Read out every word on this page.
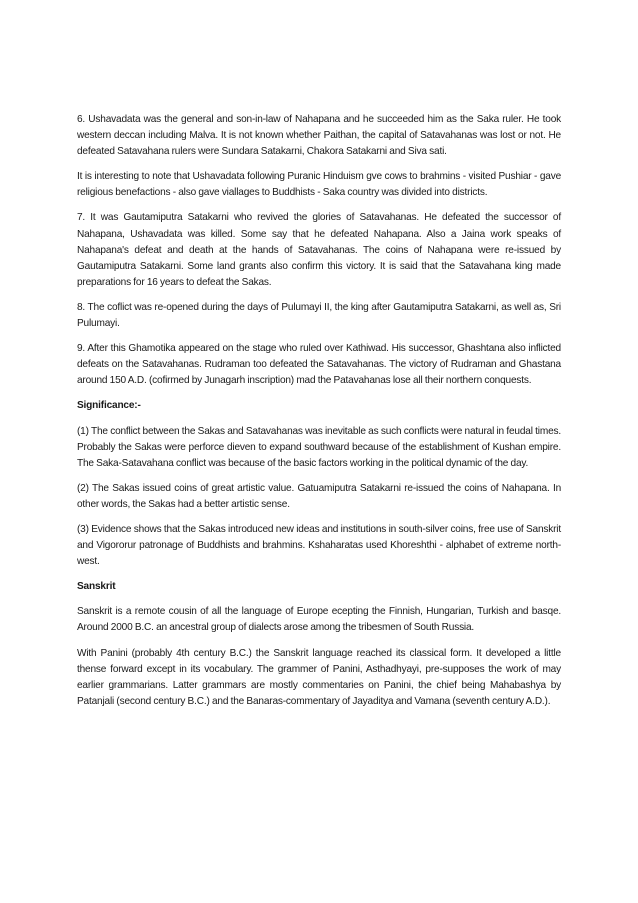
6. Ushavadata was the general and son-in-law of Nahapana and he succeeded him as the Saka ruler. He took western deccan including Malva. It is not known whether Paithan, the capital of Satavahanas was lost or not. He defeated Satavahana rulers were Sundara Satakarni, Chakora Satakarni and Siva sati.

It is interesting to note that Ushavadata following Puranic Hinduism gve cows to brahmins - visited Pushiar - gave religious benefactions - also gave viallages to Buddhists - Saka country was divided into districts.

7. It was Gautamiputra Satakarni who revived the glories of Satavahanas. He defeated the successor of Nahapana, Ushavadata was killed. Some say that he defeated Nahapana. Also a Jaina work speaks of Nahapana's defeat and death at the hands of Satavahanas. The coins of Nahapana were re-issued by Gautamiputra Satakarni. Some land grants also confirm this victory. It is said that the Satavahana king made preparations for 16 years to defeat the Sakas.

8. The coflict was re-opened during the days of Pulumayi II, the king after Gautamiputra Satakarni, as well as, Sri Pulumayi.

9. After this Ghamotika appeared on the stage who ruled over Kathiwad. His successor, Ghashtana also inflicted defeats on the Satavahanas. Rudraman too defeated the Satavahanas. The victory of Rudraman and Ghastana around 150 A.D. (cofirmed by Junagarh inscription) mad the Patavahanas lose all their northern conquests.

Significance:-

(1) The conflict between the Sakas and Satavahanas was inevitable as such conflicts were natural in feudal times. Probably the Sakas were perforce dieven to expand southward because of the establishment of Kushan empire. The Saka-Satavahana conflict was because of the basic factors working in the political dynamic of the day.

(2) The Sakas issued coins of great artistic value. Gatuamiputra Satakarni re-issued the coins of Nahapana. In other words, the Sakas had a better artistic sense.

(3) Evidence shows that the Sakas introduced new ideas and institutions in south-silver coins, free use of Sanskrit and Vigororur patronage of Buddhists and brahmins. Kshaharatas used Khoreshthi - alphabet of extreme north-west.

Sanskrit

Sanskrit is a remote cousin of all the language of Europe ecepting the Finnish, Hungarian, Turkish and basqe. Around 2000 B.C. an ancestral group of dialects arose among the tribesmen of South Russia.

With Panini (probably 4th century B.C.) the Sanskrit language reached its classical form. It developed a little thense forward except in its vocabulary. The grammer of Panini, Asthadhyayi, pre-supposes the work of may earlier grammarians. Latter grammars are mostly commentaries on Panini, the chief being Mahabashya by Patanjali (second century B.C.) and the Banaras-commentary of Jayaditya and Vamana (seventh century A.D.).
